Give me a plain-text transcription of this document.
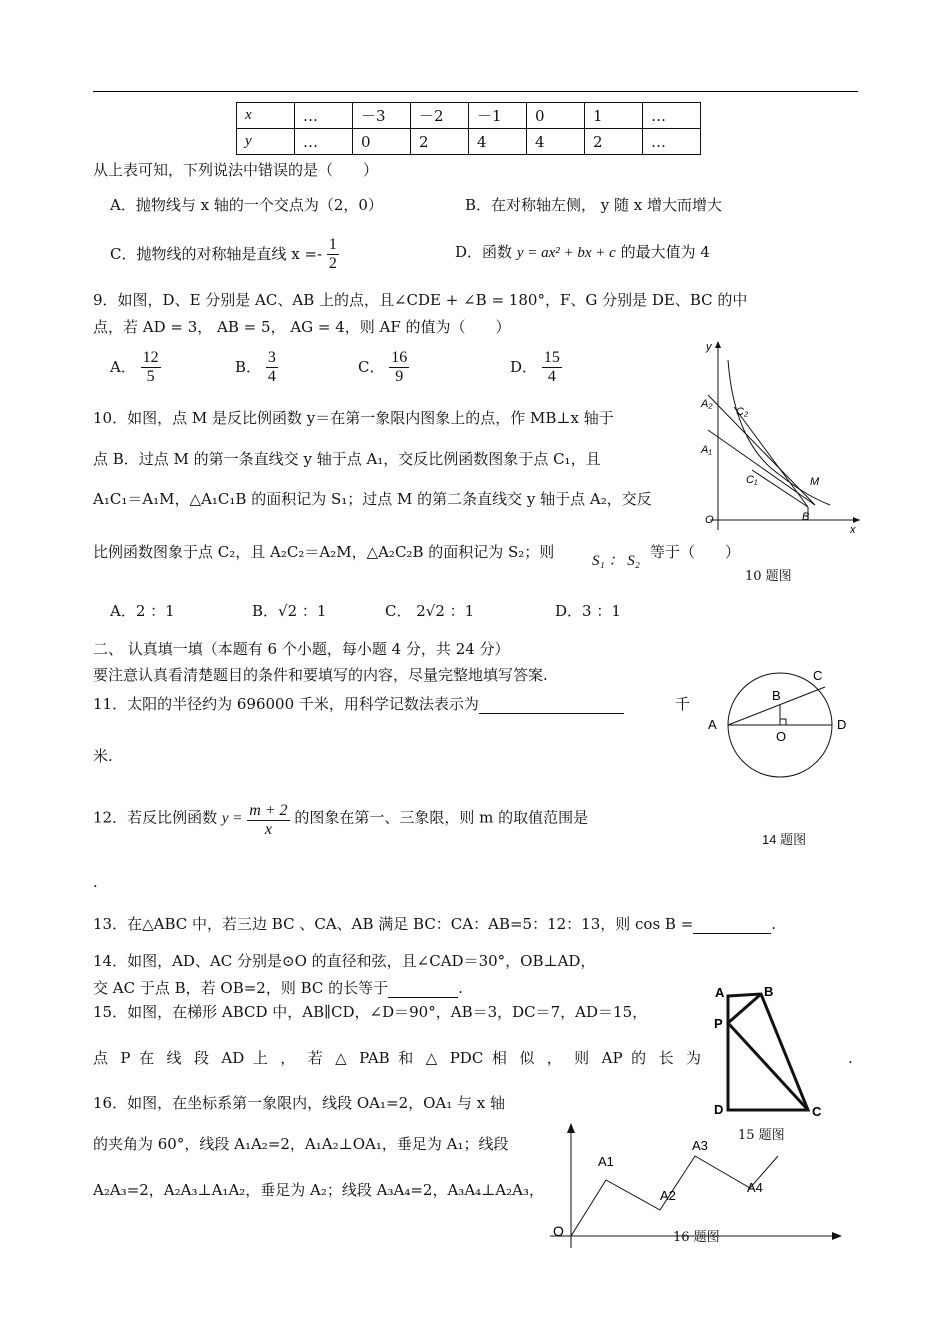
x	…	－3	－2	－1	0	1	…
y	…	0	2	4	4	2	…
从上表可知，下列说法中错误的是（　　）
A．抛物线与 x 轴的一个交点为（2，0）	B．在对称轴左侧， y 随 x 增大而增大
C．抛物线的对称轴是直线 $x =- \frac{1}{2}$	D．函数 y = ax² + bx + c 的最大值为 4
9．如图，D、E 分别是 AC、AB 上的点，且∠CDE + ∠B = 180°，F、G 分别是 DE、BC 的中
点，若 AD = 3， AB = 5， AG = 4，则 AF 的值为（　　）
A． $\frac{12}{5}$	B． $\frac{3}{4}$	C． $\frac{16}{9}$	D． $\frac{15}{4}$
10．如图，点 M 是反比例函数 y＝在第一象限内图象上的点，作 MB⊥x 轴于
点 B．过点 M 的第一条直线交 y 轴于点 A₁，交反比例函数图象于点 C₁，且
A₁C₁＝A₁M，△A₁C₁B 的面积记为 S₁；过点 M 的第二条直线交 y 轴于点 A₂，交反
比例函数图象于点 C₂，且 A₂C₂＝A₂M，△A₂C₂B 的面积记为 S₂；则	S₁ ： S₂ 等于（　　）
A．2 ：1	B．√2 ：1	C． 2√2 ：1	D．3 ：1
y
x
O
A₂
C₂
A₁
C₁	M
B
10 题图
二、 认真填一填（本题有 6 个小题，每小题 4 分，共 24 分）
要注意认真看清楚题目的条件和要填写的内容，尽量完整地填写答案.
11．太阳的半径约为 696000 千米，用科学记数法表示为	千
米.
A
B
C
D
O
12．若反比例函数 $y = \frac{m + 2}{x}$ 的图象在第一、三象限，则 m 的取值范围是
14 题图
.
13．在△ABC 中，若三边 BC 、CA、AB 满足 BC：CA：AB=5：12：13，则 cos B =	.
14．如图，AD、AC 分别是⊙O 的直径和弦，且∠CAD＝30°，OB⊥AD，
交 AC 于点 B，若 OB=2，则 BC 的长等于	.
15．如图，在梯形 ABCD 中，AB∥CD，∠D＝90°，AB＝3，DC＝7，AD＝15，
点 P 在 线 段 AD 上 ， 若 △ PAB 和 △ PDC 相 似 ， 则 AP 的 长 为	.
A	B
P
D	C
15 题图
16．如图，在坐标系第一象限内，线段 OA₁=2，OA₁ 与 x 轴
的夹角为 60°，线段 A₁A₂=2，A₁A₂⊥OA₁，垂足为 A₁；线段
A₂A₃=2，A₂A₃⊥A₁A₂，垂足为 A₂；线段 A₃A₄=2，A₃A₄⊥A₂A₃，
O
A1
A2
A3
A4
16 题图
